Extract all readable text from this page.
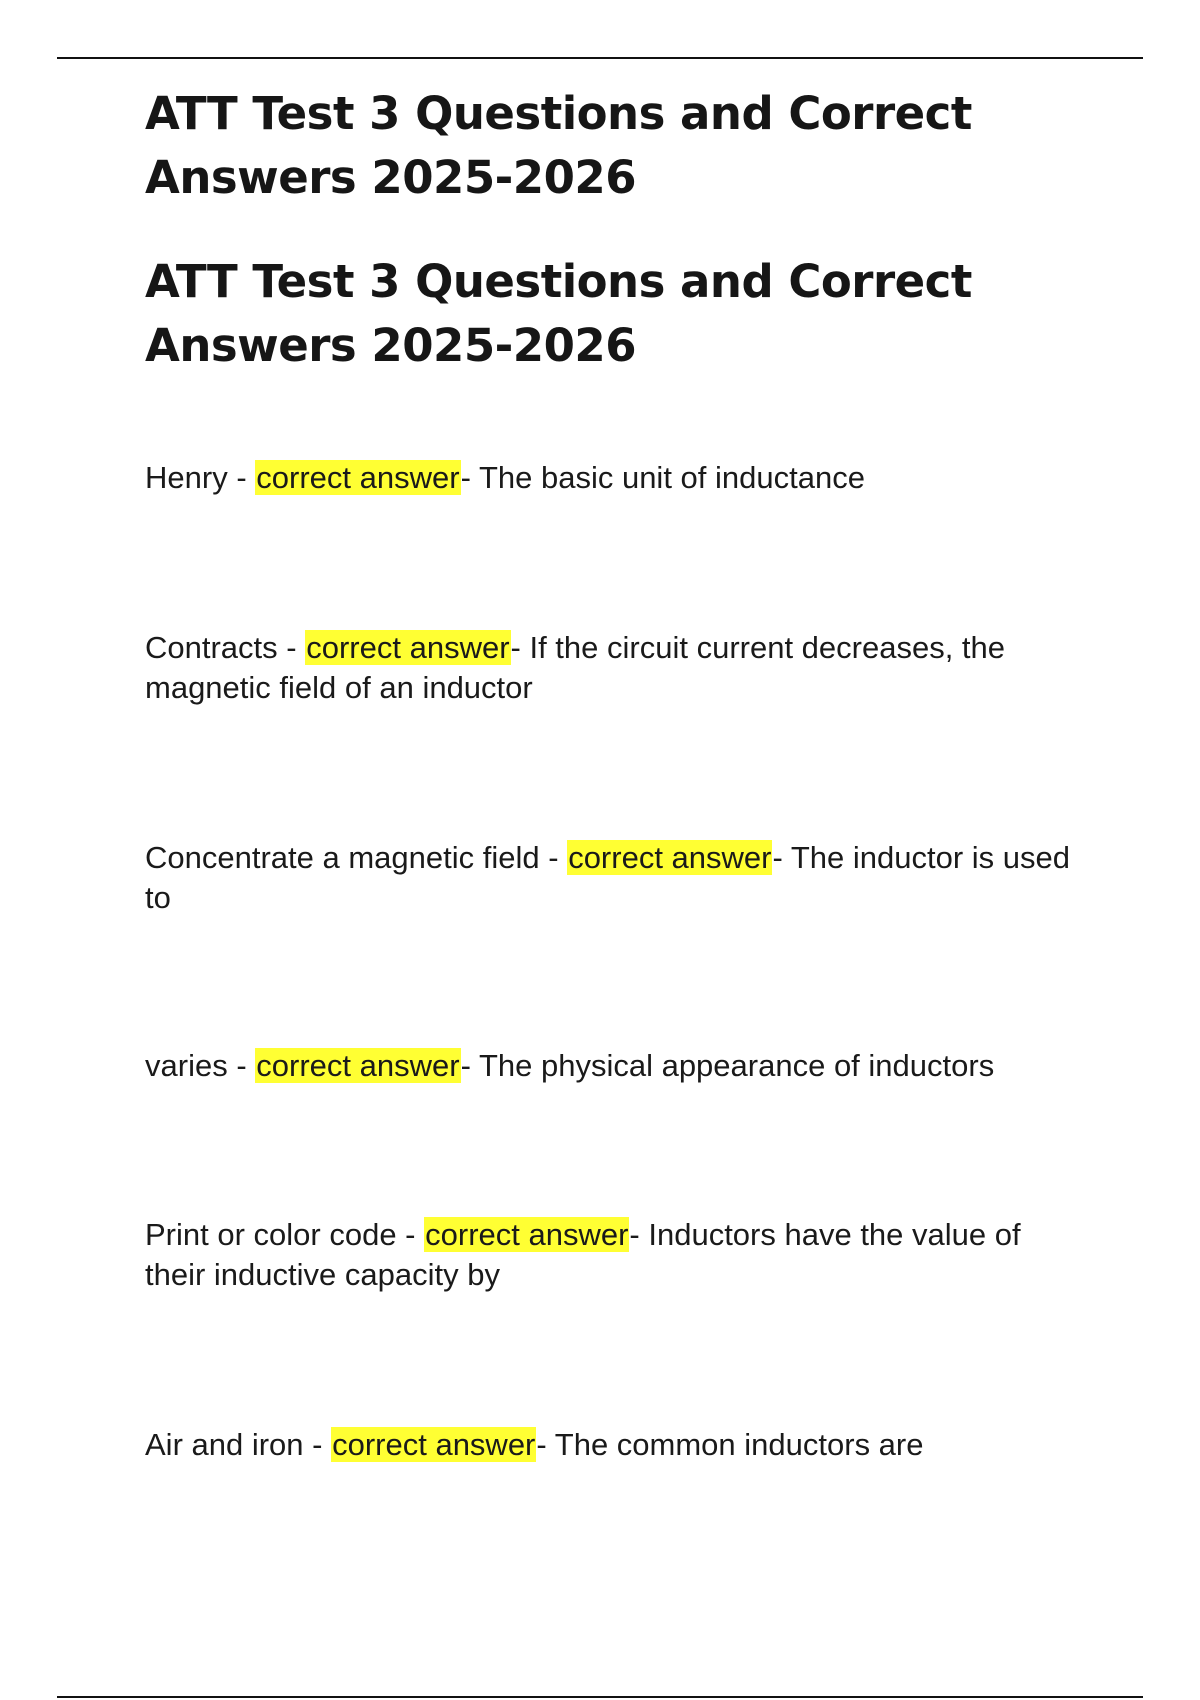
ATT Test 3 Questions and Correct Answers 2025-2026
ATT Test 3 Questions and Correct Answers 2025-2026

Henry - correct answer- The basic unit of inductance

Contracts - correct answer- If the circuit current decreases, the magnetic field of an inductor

Concentrate a magnetic field - correct answer- The inductor is used to

varies - correct answer- The physical appearance of inductors

Print or color code - correct answer- Inductors have the value of their inductive capacity by

Air and iron - correct answer- The common inductors are
